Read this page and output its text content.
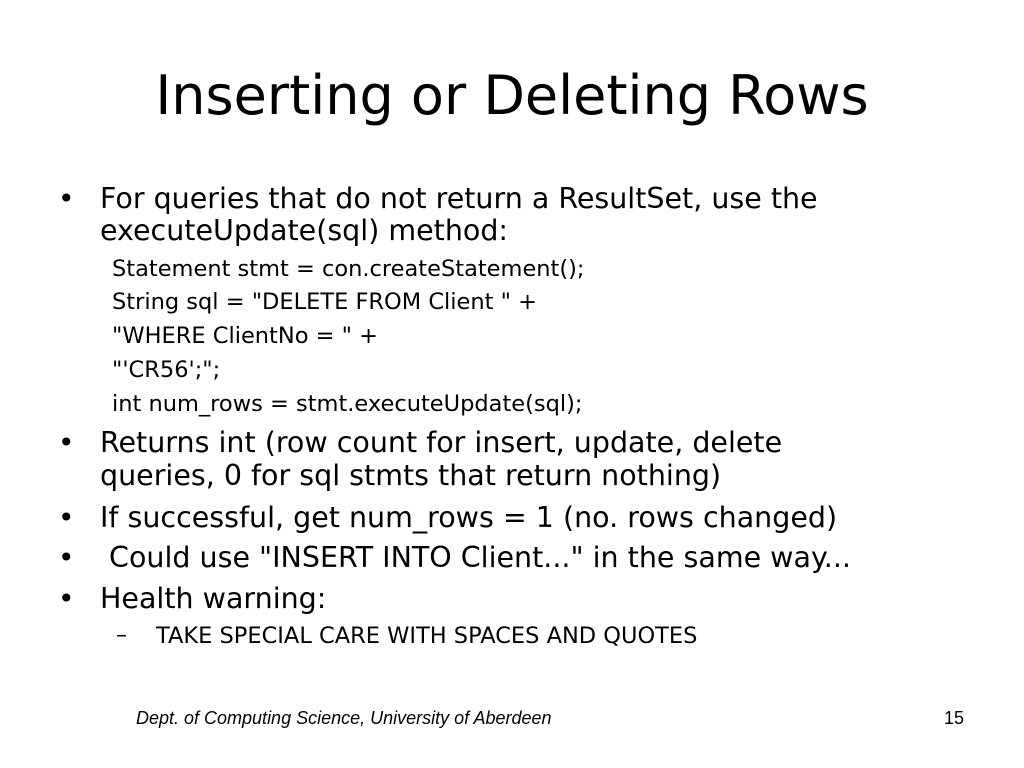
Inserting or Deleting Rows
• For queries that do not return a ResultSet, use the
executeUpdate(sql) method:
Statement stmt = con.createStatement();
String sql = "DELETE FROM Client " +
"WHERE ClientNo = " +
"'CR56';";
int num_rows = stmt.executeUpdate(sql);
• Returns int (row count for insert, update, delete
queries, 0 for sql stmts that return nothing)
• If successful, get num_rows = 1 (no. rows changed)
• Could use "INSERT INTO Client..." in the same way...
• Health warning:
– TAKE SPECIAL CARE WITH SPACES AND QUOTES
Dept. of Computing Science, University of Aberdeen	15
